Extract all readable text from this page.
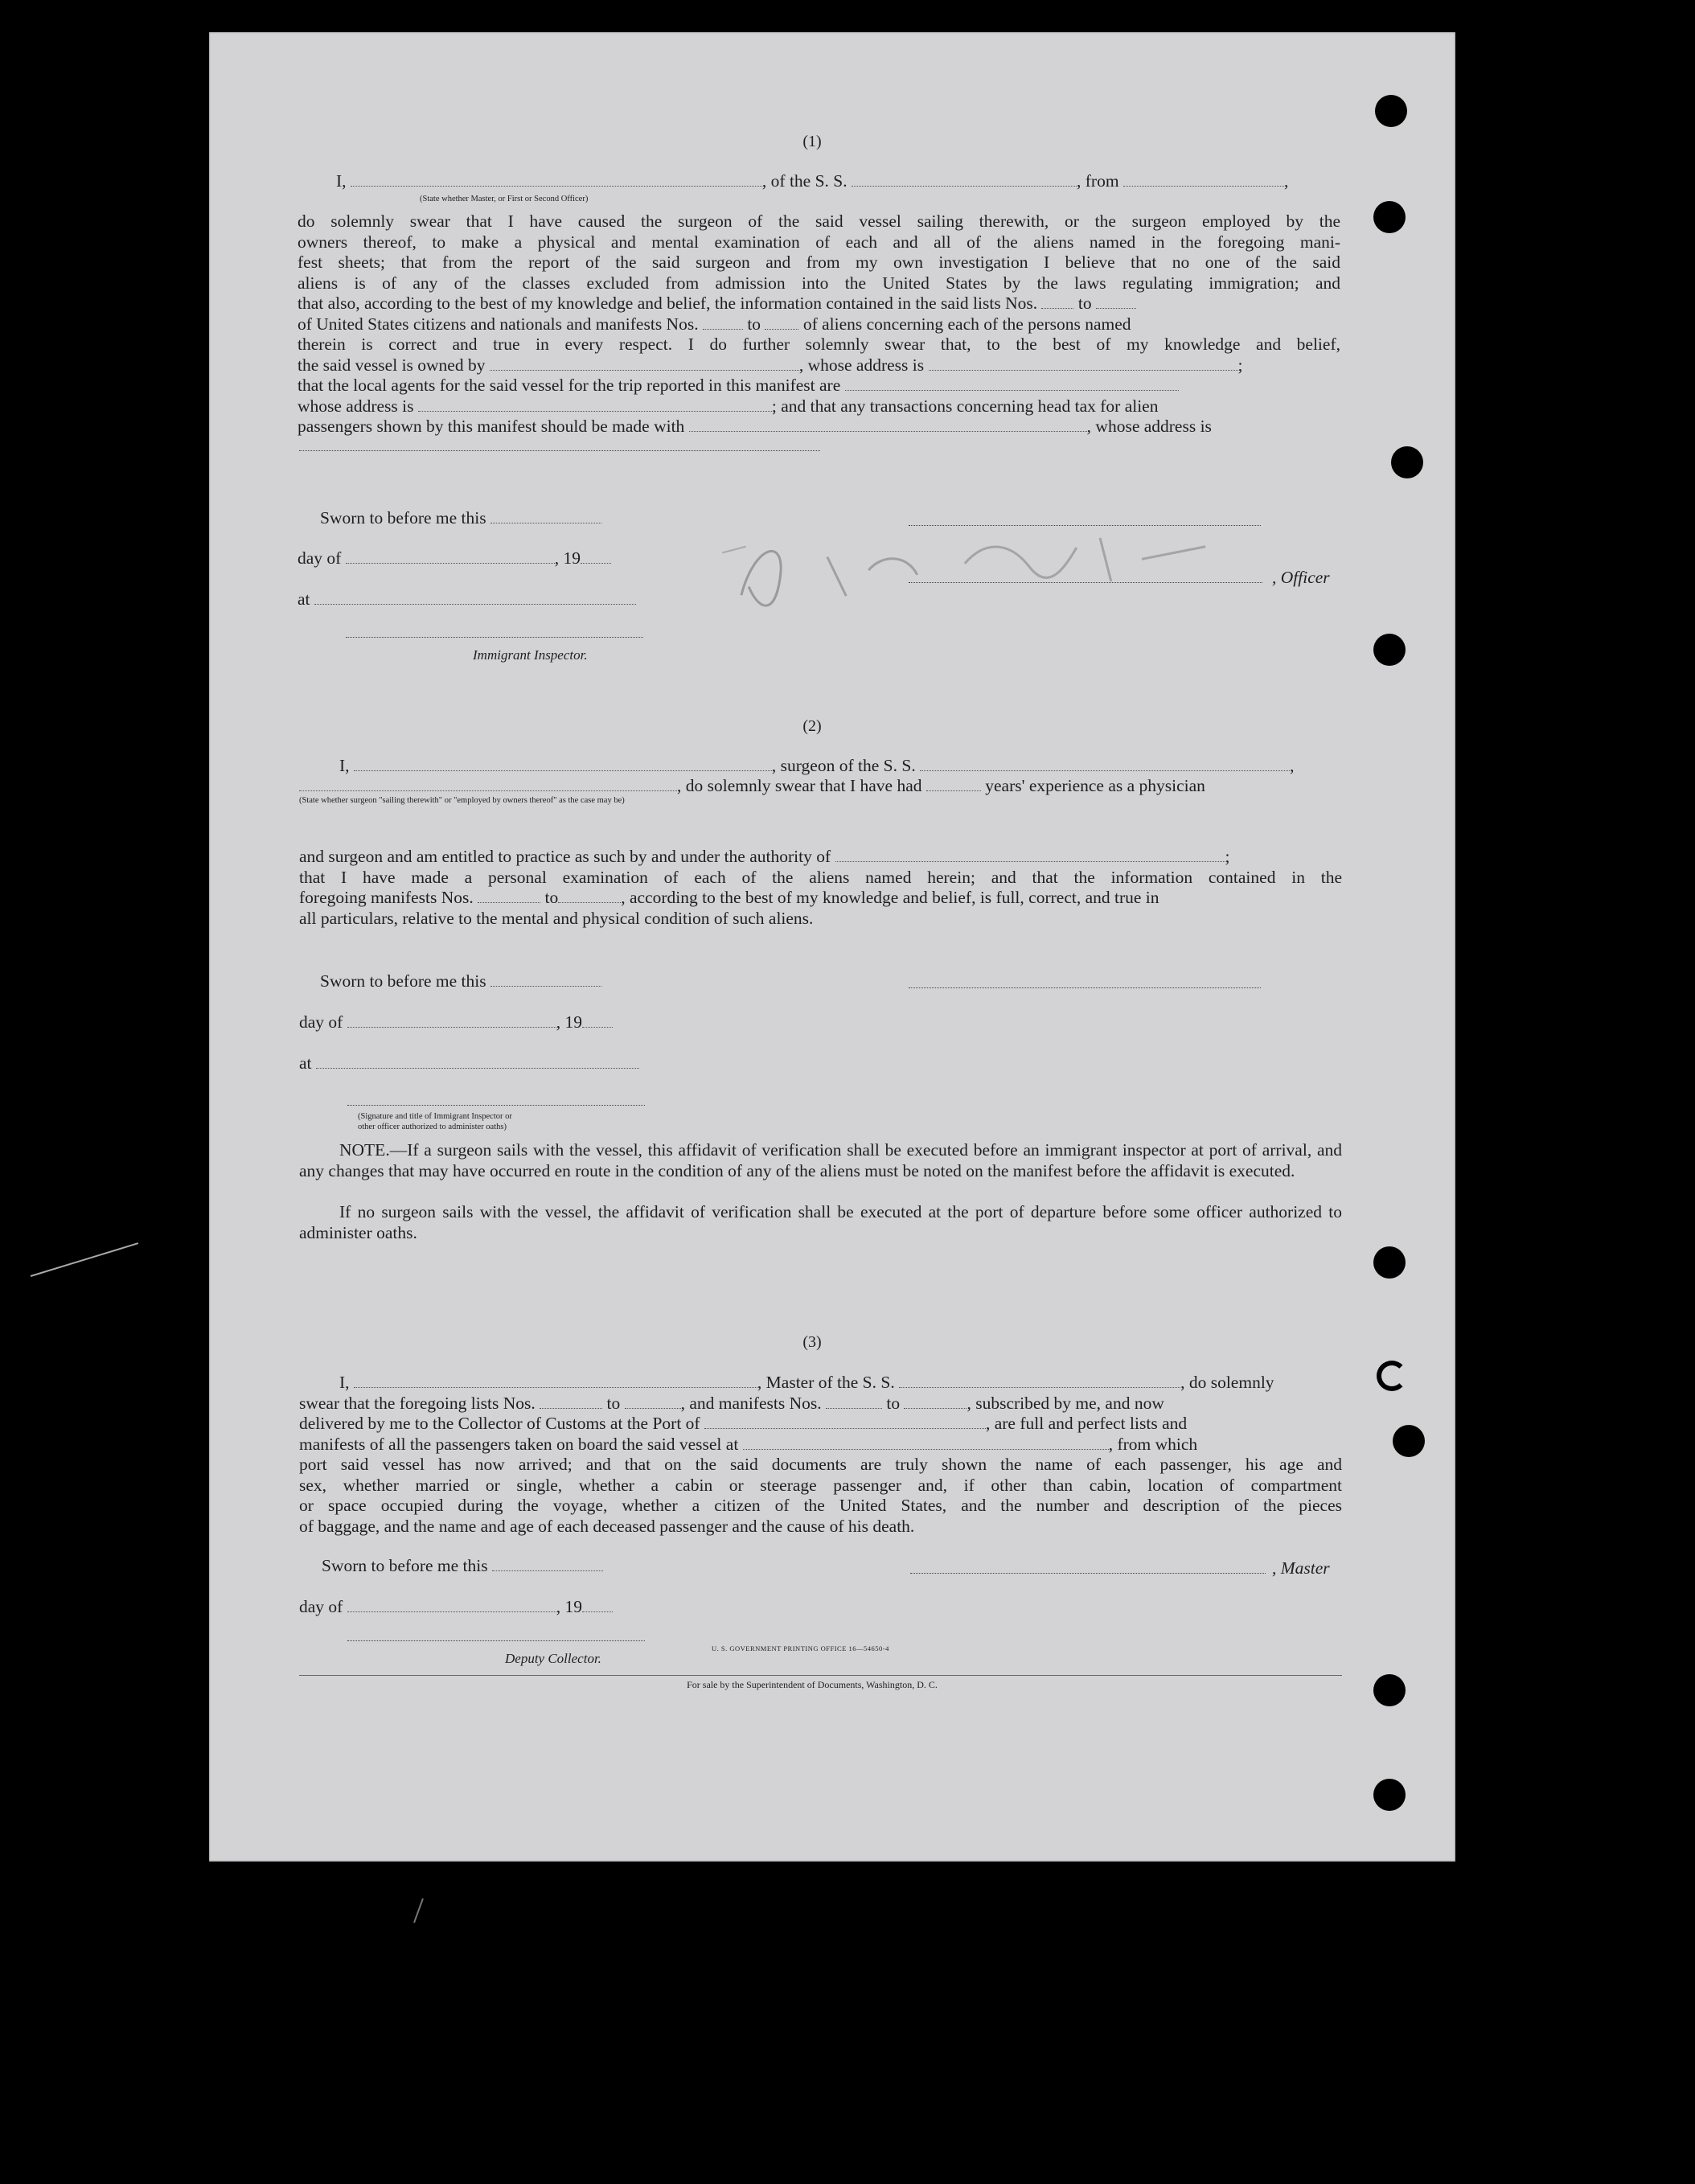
(1)
I,	, of the S. S.	, from	,
(State whether Master, or First or Second Officer)
do solemnly swear that I have caused the surgeon of the said vessel sailing therewith, or the surgeon employed by the
owners thereof, to make a physical and mental examination of each and all of the aliens named in the foregoing mani-
fest sheets; that from the report of the said surgeon and from my own investigation I believe that no one of the said
aliens is of any of the classes excluded from admission into the United States by the laws regulating immigration; and
that also, according to the best of my knowledge and belief, the information contained in the said lists Nos. to
of United States citizens and nationals and manifests Nos.	to of aliens concerning each of the persons named
therein is correct and true in every respect. I do further solemnly swear that, to the best of my knowledge and belief,
the said vessel is owned by	, whose address is	;
that the local agents for the said vessel for the trip reported in this manifest are
whose address is	; and that any transactions concerning head tax for alien
passengers shown by this manifest should be made with	, whose address is
Sworn to before me this
day of	, 19
, Officer
at
Immigrant Inspector.
(2)
I,	, surgeon of the S. S.	,
, do solemnly swear that I have had	years' experience as a physician
(State whether surgeon "sailing therewith" or "employed by owners thereof" as the case may be)
and surgeon and am entitled to practice as such by and under the authority of	;
that I have made a personal examination of each of the aliens named herein; and that the information contained in the
foregoing manifests Nos.	to	, according to the best of my knowledge and belief, is full, correct, and true in
all particulars, relative to the mental and physical condition of such aliens.
Sworn to before me this
day of	, 19
at
(Signature and title of Immigrant Inspector or
other officer authorized to administer oaths)
NOTE.—If a surgeon sails with the vessel, this affidavit of verification shall be executed before an immigrant inspector at port of arrival, and any changes that may have occurred en route in the condition of any of the aliens must be noted on the manifest before the affidavit is executed.
If no surgeon sails with the vessel, the affidavit of verification shall be executed at the port of departure before some officer authorized to administer oaths.
(3)
I,	, Master of the S. S.	, do solemnly
swear that the foregoing lists Nos.	to	, and manifests Nos.	to	, subscribed by me, and now
delivered by me to the Collector of Customs at the Port of	, are full and perfect lists and
manifests of all the passengers taken on board the said vessel at	, from which
port said vessel has now arrived; and that on the said documents are truly shown the name of each passenger, his age and
sex, whether married or single, whether a cabin or steerage passenger and, if other than cabin, location of compartment
or space occupied during the voyage, whether a citizen of the United States, and the number and description of the pieces
of baggage, and the name and age of each deceased passenger and the cause of his death.
Sworn to before me this	, Master
day of	, 19
Deputy Collector.
U. S. GOVERNMENT PRINTING OFFICE 16—54650-4
For sale by the Superintendent of Documents, Washington, D. C.
